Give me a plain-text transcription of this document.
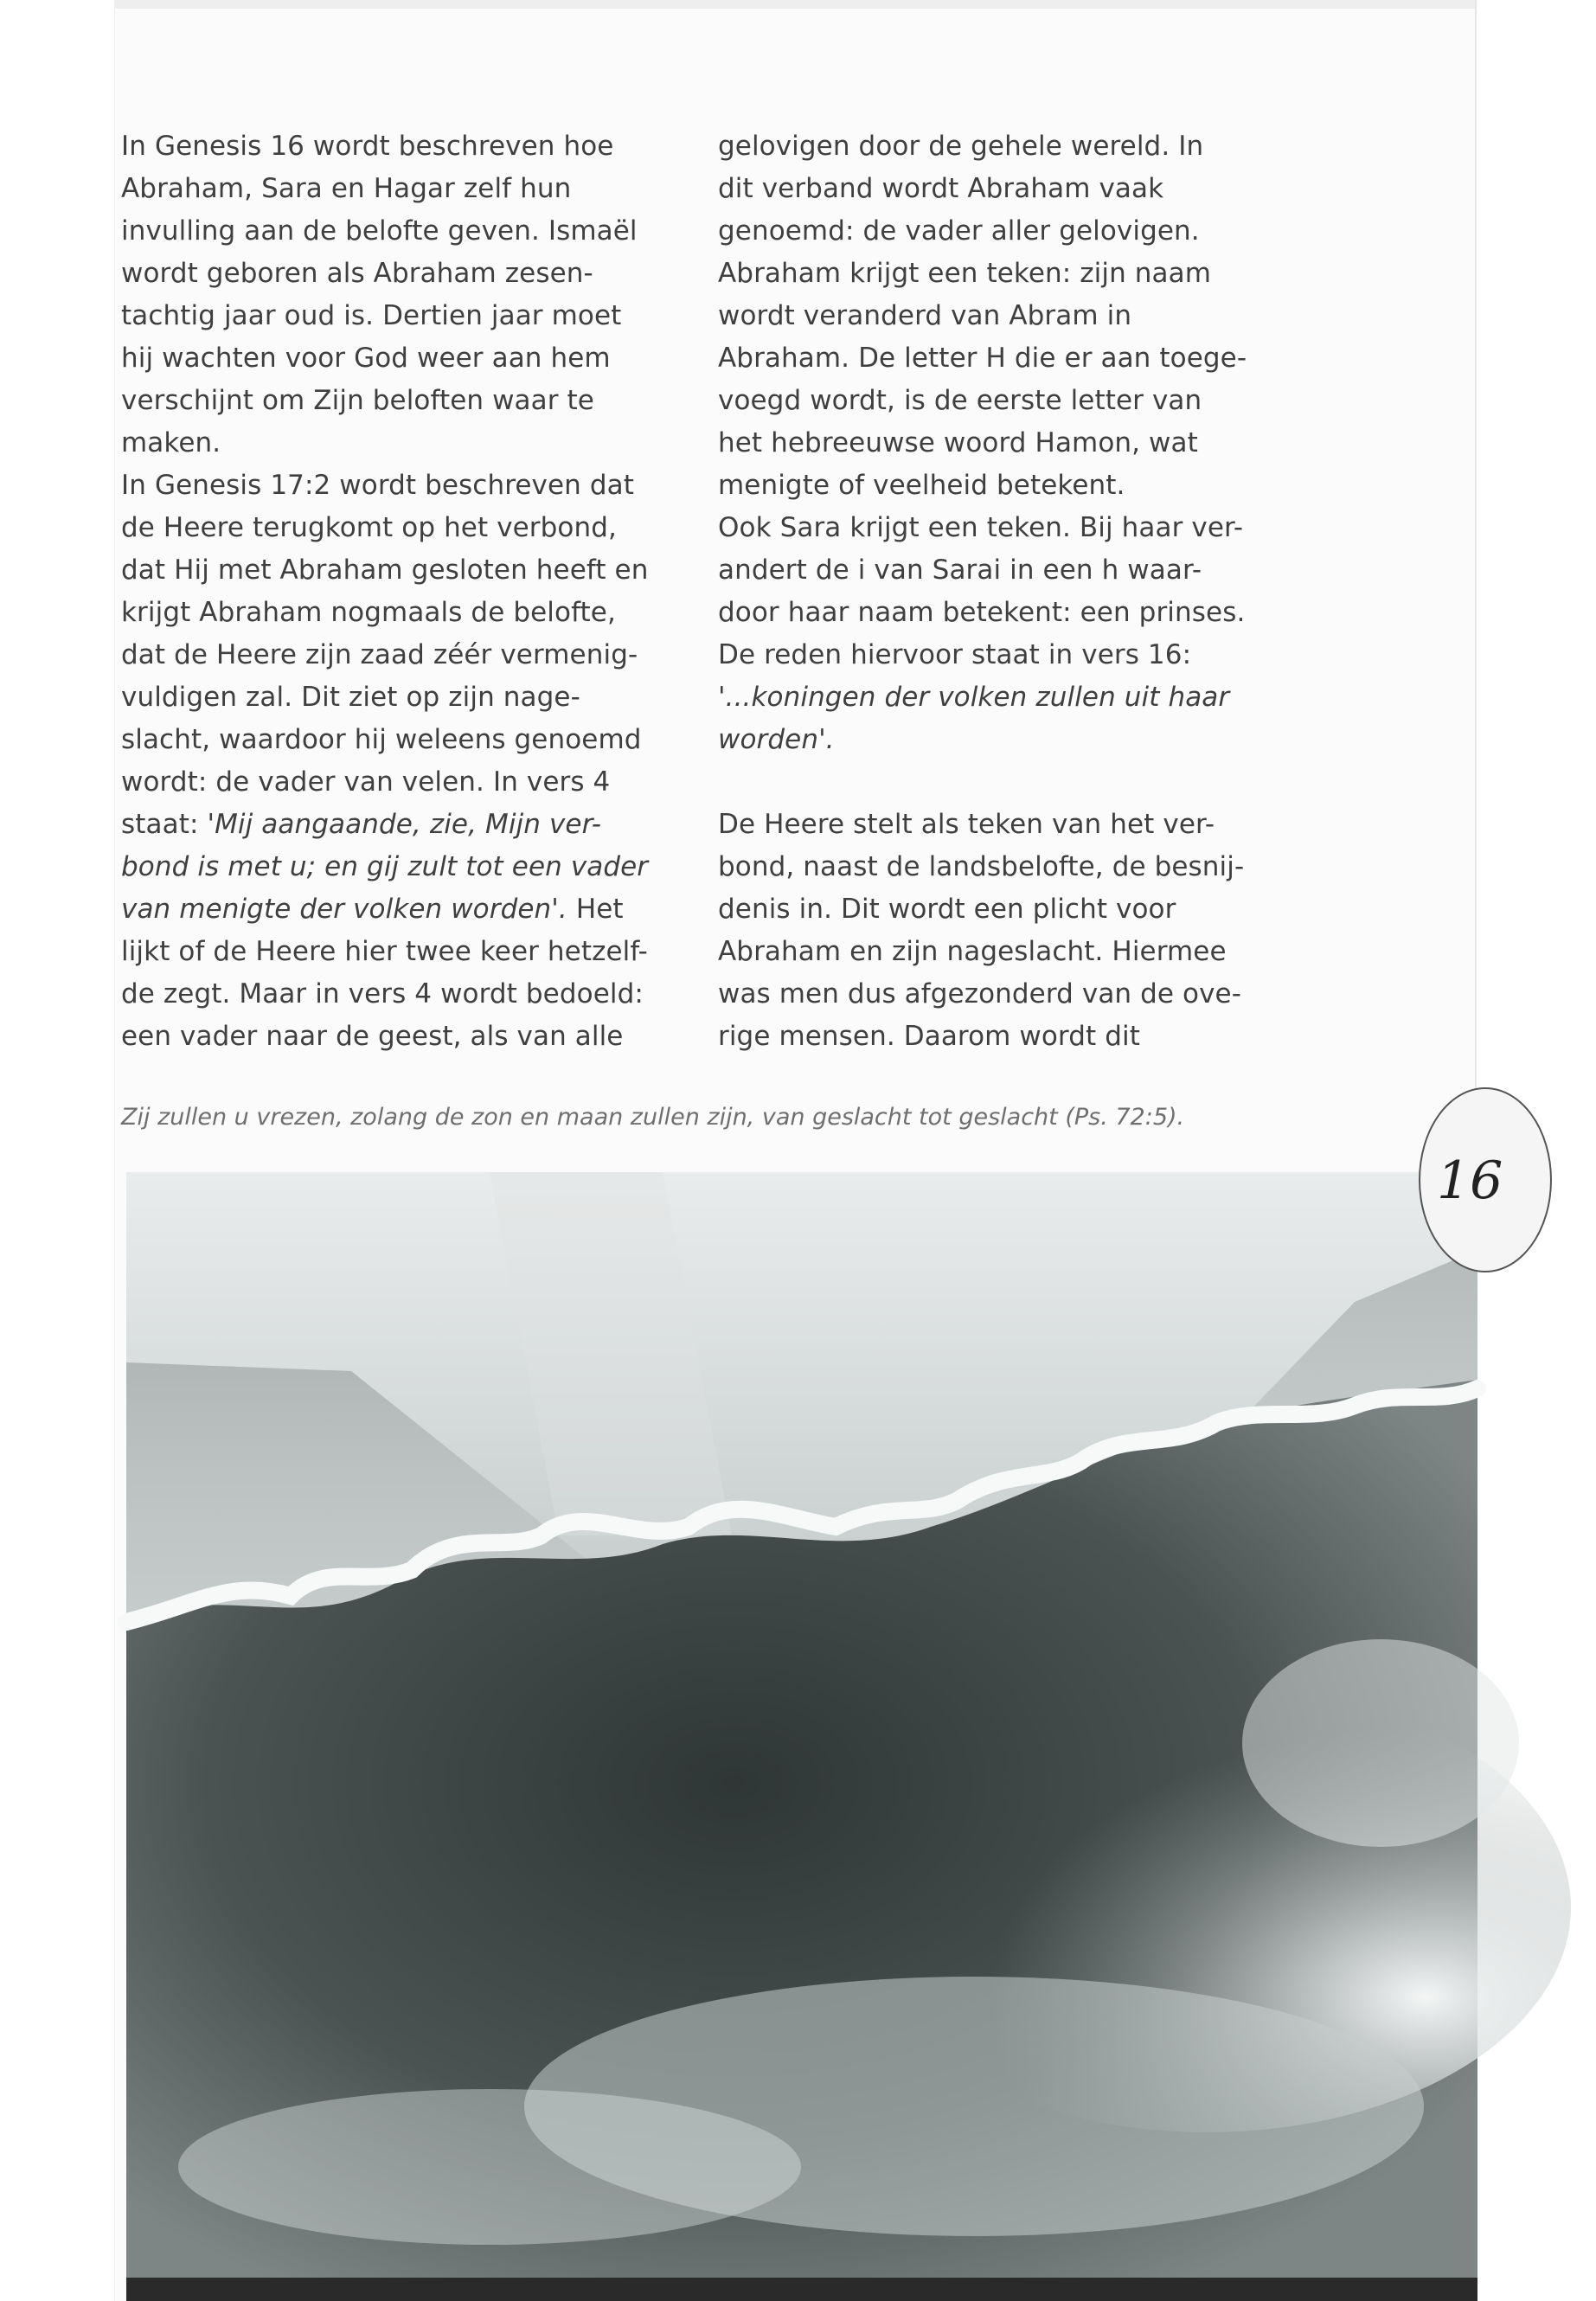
In Genesis 16 wordt beschreven hoe
Abraham, Sara en Hagar zelf hun
invulling aan de belofte geven. Ismaël
wordt geboren als Abraham zesen-
tachtig jaar oud is. Dertien jaar moet
hij wachten voor God weer aan hem
verschijnt om Zijn beloften waar te
maken.
In Genesis 17:2 wordt beschreven dat
de Heere terugkomt op het verbond,
dat Hij met Abraham gesloten heeft en
krijgt Abraham nogmaals de belofte,
dat de Heere zijn zaad zéér vermenig-
vuldigen zal. Dit ziet op zijn nage-
slacht, waardoor hij weleens genoemd
wordt: de vader van velen. In vers 4
staat: 'Mij aangaande, zie, Mijn ver-
bond is met u; en gij zult tot een vader
van menigte der volken worden'. Het
lijkt of de Heere hier twee keer hetzelf-
de zegt. Maar in vers 4 wordt bedoeld:
een vader naar de geest, als van alle
gelovigen door de gehele wereld. In
dit verband wordt Abraham vaak
genoemd: de vader aller gelovigen.
Abraham krijgt een teken: zijn naam
wordt veranderd van Abram in
Abraham. De letter H die er aan toege-
voegd wordt, is de eerste letter van
het hebreeuwse woord Hamon, wat
menigte of veelheid betekent.
Ook Sara krijgt een teken. Bij haar ver-
andert de i van Sarai in een h waar-
door haar naam betekent: een prinses.
De reden hiervoor staat in vers 16:
'...koningen der volken zullen uit haar
worden'.
De Heere stelt als teken van het ver-
bond, naast de landsbelofte, de besnij-
denis in. Dit wordt een plicht voor
Abraham en zijn nageslacht. Hiermee
was men dus afgezonderd van de ove-
rige mensen. Daarom wordt dit
Zij zullen u vrezen, zolang de zon en maan zullen zijn, van geslacht tot geslacht (Ps. 72:5).
16
